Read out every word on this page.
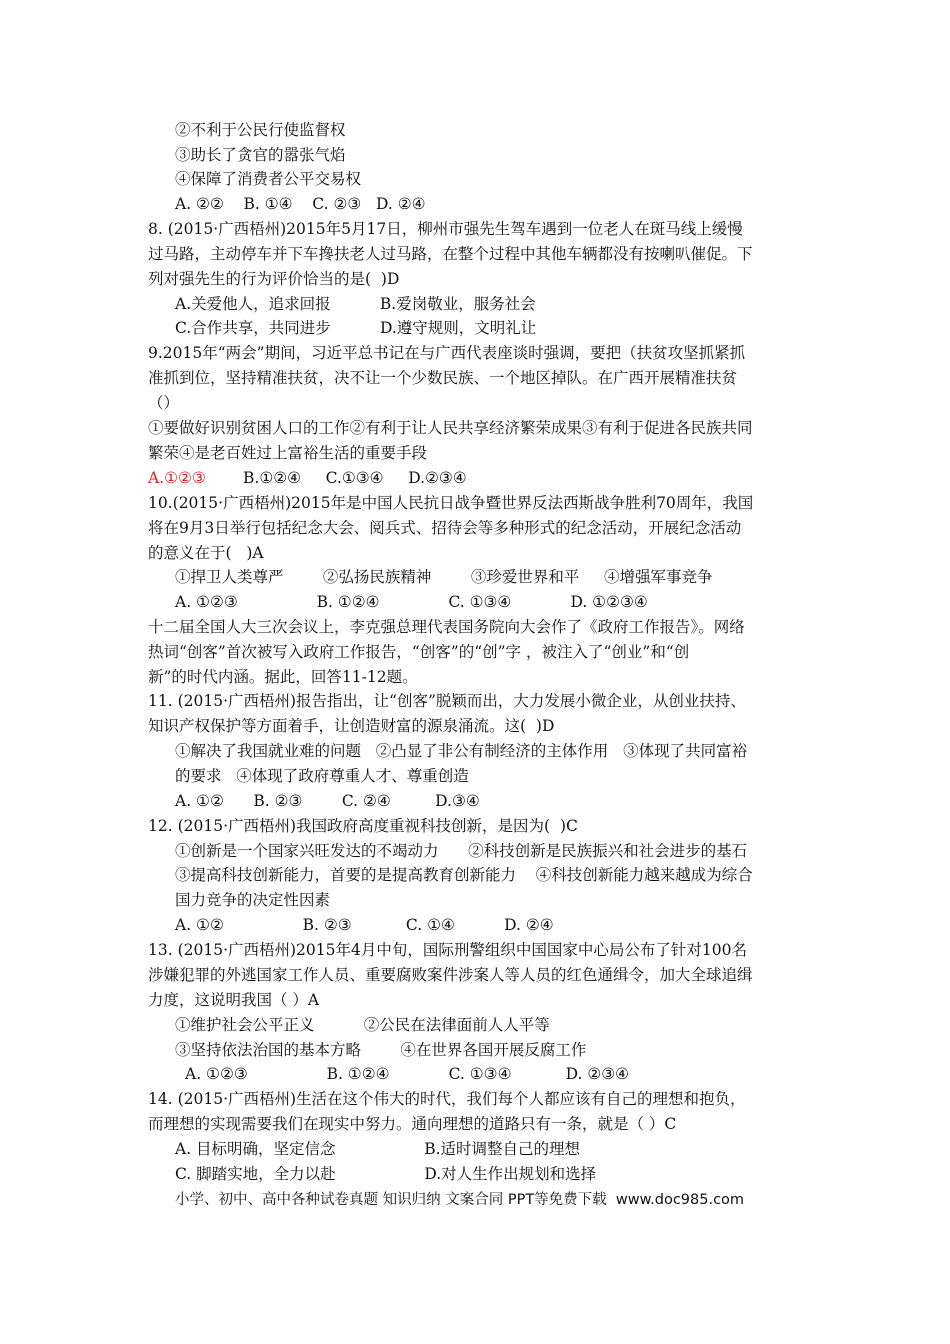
②不利于公民行使监督权
③助长了贪官的嚣张气焰
④保障了消费者公平交易权
A. ②②    B. ①④    C. ②③   D. ②④
8. (2015·广西梧州)2015年5月17日，柳州市强先生驾车遇到一位老人在斑马线上缓慢
过马路，主动停车并下车搀扶老人过马路，在整个过程中其他车辆都没有按喇叭催促。下
列对强先生的行为评价恰当的是(  )D
A.关爱他人，追求回报          B.爱岗敬业，服务社会
C.合作共享，共同进步          D.遵守规则，文明礼让
9.2015年“两会”期间，习近平总书记在与广西代表座谈时强调，要把（扶贫攻坚抓紧抓
准抓到位，坚持精准扶贫，决不让一个少数民族、一个地区掉队。在广西开展精准扶贫
（）
①要做好识别贫困人口的工作②有利于让人民共享经济繁荣成果③有利于促进各民族共同
繁荣④是老百姓过上富裕生活的重要手段
A.①②③ B.①②④     C.①③④     D.②③④
10.(2015·广西梧州)2015年是中国人民抗日战争暨世界反法西斯战争胜利70周年，我国
将在9月3日举行包括纪念大会、阅兵式、招待会等多种形式的纪念活动，开展纪念活动
的意义在于(   )A
①捍卫人类尊严        ②弘扬民族精神        ③珍爱世界和平     ④增强军事竞争
A. ①②③                B. ①②④              C. ①③④            D. ①②③④
十二届全国人大三次会议上，李克强总理代表国务院向大会作了《政府工作报告》。网络
热词“创客”首次被写入政府工作报告，“创客”的“创”字 ，被注入了“创业”和“创
新”的时代内涵。据此，回答11-12题。
11. (2015·广西梧州)报告指出，让“创客”脱颖而出，大力发展小微企业，从创业扶持、
知识产权保护等方面着手，让创造财富的源泉涌流。这(  )D
①解决了我国就业难的问题   ②凸显了非公有制经济的主体作用   ③体现了共同富裕
的要求   ④体现了政府尊重人才、尊重创造
A. ①②      B. ②③        C. ②④         D.③④
12. (2015·广西梧州)我国政府高度重视科技创新，是因为(  )C
①创新是一个国家兴旺发达的不竭动力      ②科技创新是民族振兴和社会进步的基石
③提高科技创新能力，首要的是提高教育创新能力    ④科技创新能力越来越成为综合
国力竞争的决定性因素
A. ①②                B. ②③           C. ①④          D. ②④
13. (2015·广西梧州)2015年4月中旬，国际刑警组织中国国家中心局公布了针对100名
涉嫌犯罪的外逃国家工作人员、重要腐败案件涉案人等人员的红色通缉令，加大全球追缉
力度，这说明我国（ ）A
①维护社会公平正义          ②公民在法律面前人人平等
③坚持依法治国的基本方略        ④在世界各国开展反腐工作
A. ①②③                B. ①②④            C. ①③④           D. ②③④
14. (2015·广西梧州)生活在这个伟大的时代，我们每个人都应该有自己的理想和抱负，
而理想的实现需要我们在现实中努力。通向理想的道路只有一条，就是（ ）C
A. 目标明确，坚定信念                  B.适时调整自己的理想
C. 脚踏实地，全力以赴                  D.对人生作出规划和选择
小学、初中、高中各种试卷真题 知识归纳 文案合同 PPT等免费下载  www.doc985.com
